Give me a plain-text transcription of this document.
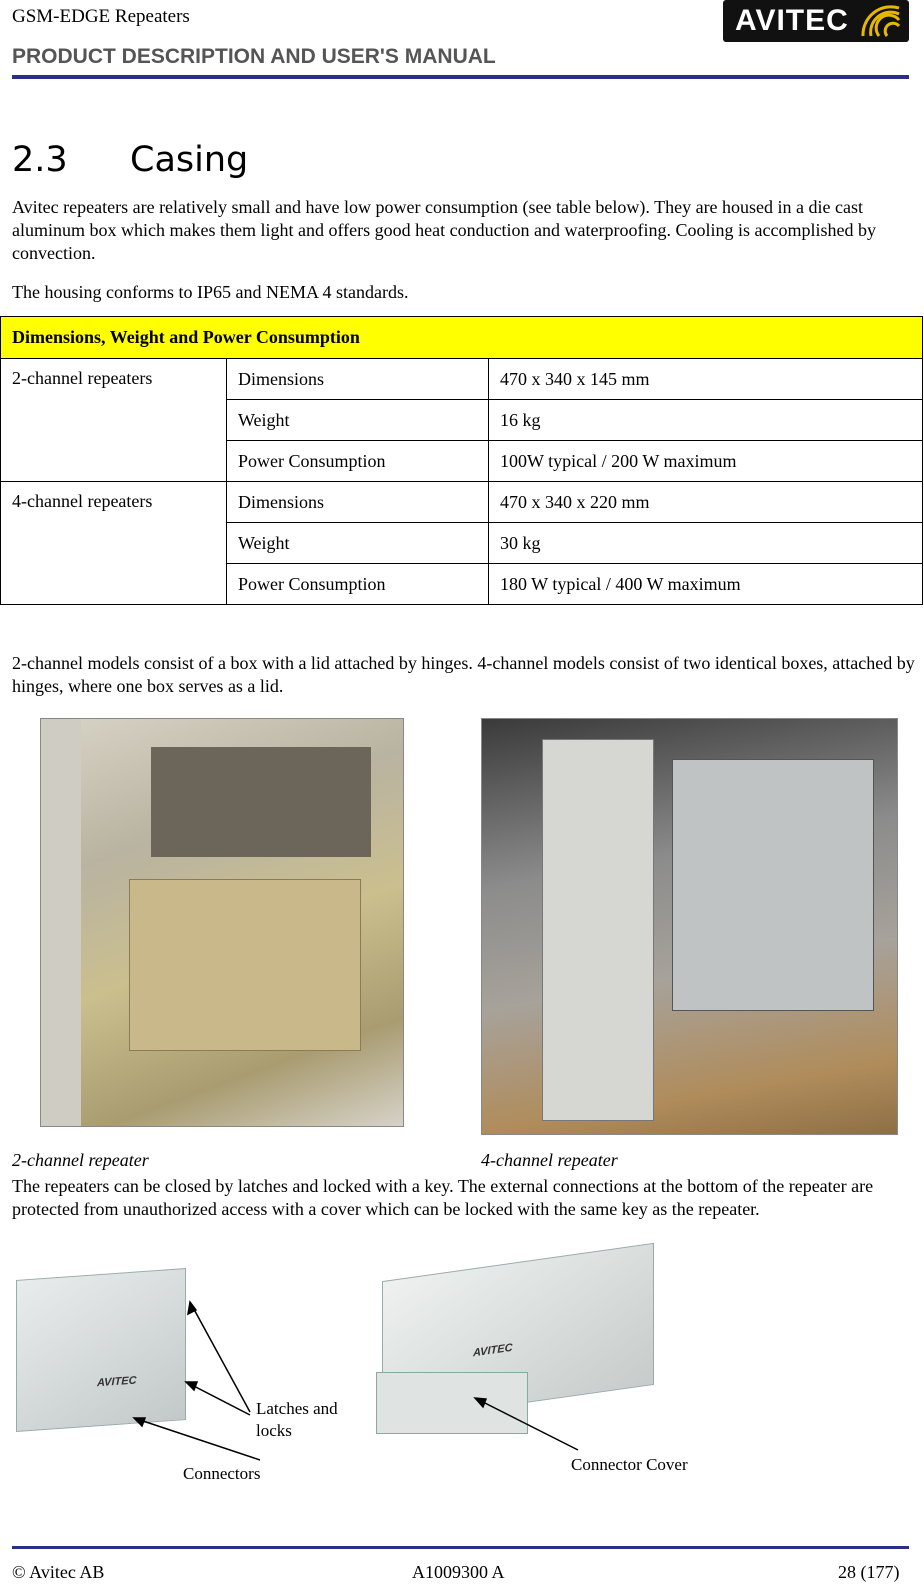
GSM-EDGE Repeaters
PRODUCT DESCRIPTION AND USER'S MANUAL
AVITEC
2.3 Casing
Avitec repeaters are relatively small and have low power consumption (see table below). They are housed in a die cast aluminum box which makes them light and offers good heat conduction and waterproofing. Cooling is accomplished by convection.
The housing conforms to IP65 and NEMA 4 standards.
Dimensions, Weight and Power Consumption		
2-channel repeaters	Dimensions	470 x 340 x 145 mm
	Weight	16 kg
	Power Consumption	100W typical / 200 W maximum
4-channel repeaters	Dimensions	470 x 340 x 220 mm
	Weight	30 kg
	Power Consumption	180 W typical / 400 W maximum
2-channel models consist of a box with a lid attached by hinges. 4-channel models consist of two identical boxes, attached by hinges, where one box serves as a lid.
2-channel repeater	4-channel repeater
The repeaters can be closed by latches and locked with a key. The external connections at the bottom of the repeater are protected from unauthorized access with a cover which can be locked with the same key as the repeater.
AVITEC
AVITEC
Latches and locks
Connectors	Connector Cover
© Avitec AB	A1009300 A	28 (177)
